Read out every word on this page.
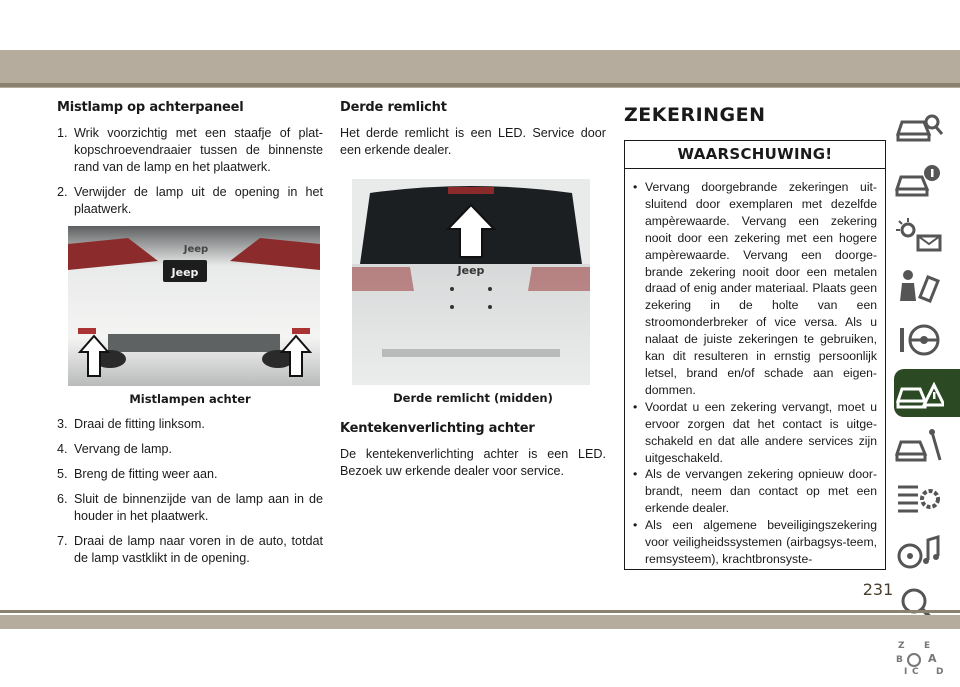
Mistlamp op achterpaneel
1. Wrik voorzichtig met een staafje of plat-kopschroevendraaier tussen de binnenste rand van de lamp en het plaatwerk.
2. Verwijder de lamp uit de opening in het plaatwerk.
Jeep
Jeep
Mistlampen achter
3. Draai de fitting linksom.
4. Vervang de lamp.
5. Breng de fitting weer aan.
6. Sluit de binnenzijde van de lamp aan in de houder in het plaatwerk.
7. Draai de lamp naar voren in de auto, totdat de lamp vastklikt in de opening.
Derde remlicht

Het derde remlicht is een LED. Service door een erkende dealer.

Jeep
Derde remlicht (midden)
Kentekenverlichting achter

De kentekenverlichting achter is een LED. Bezoek uw erkende dealer voor service.

ZEKERINGEN
WAARSCHUWING!
• Vervang doorgebrande zekeringen uit-sluitend door exemplaren met dezelfde ampèrewaarde. Vervang een zekering nooit door een zekering met een hogere ampèrewaarde. Vervang een doorge-brande zekering nooit door een metalen draad of enig ander materiaal. Plaats geen zekering in de holte van een stroomonderbreker of vice versa. Als u nalaat de juiste zekeringen te gebruiken, kan dit resulteren in ernstig persoonlijk letsel, brand en/of schade aan eigen-dommen.
• Voordat u een zekering vervangt, moet u ervoor zorgen dat het contact is uitge-schakeld en dat alle andere services zijn uitgeschakeld.
• Als de vervangen zekering opnieuw door-brandt, neem dan contact op met een erkende dealer.
• Als een algemene beveiligingszekering voor veiligheidssystemen (airbagsys-teem, remsysteem), krachtbronsyste-
Z E
B A
I C D
231
